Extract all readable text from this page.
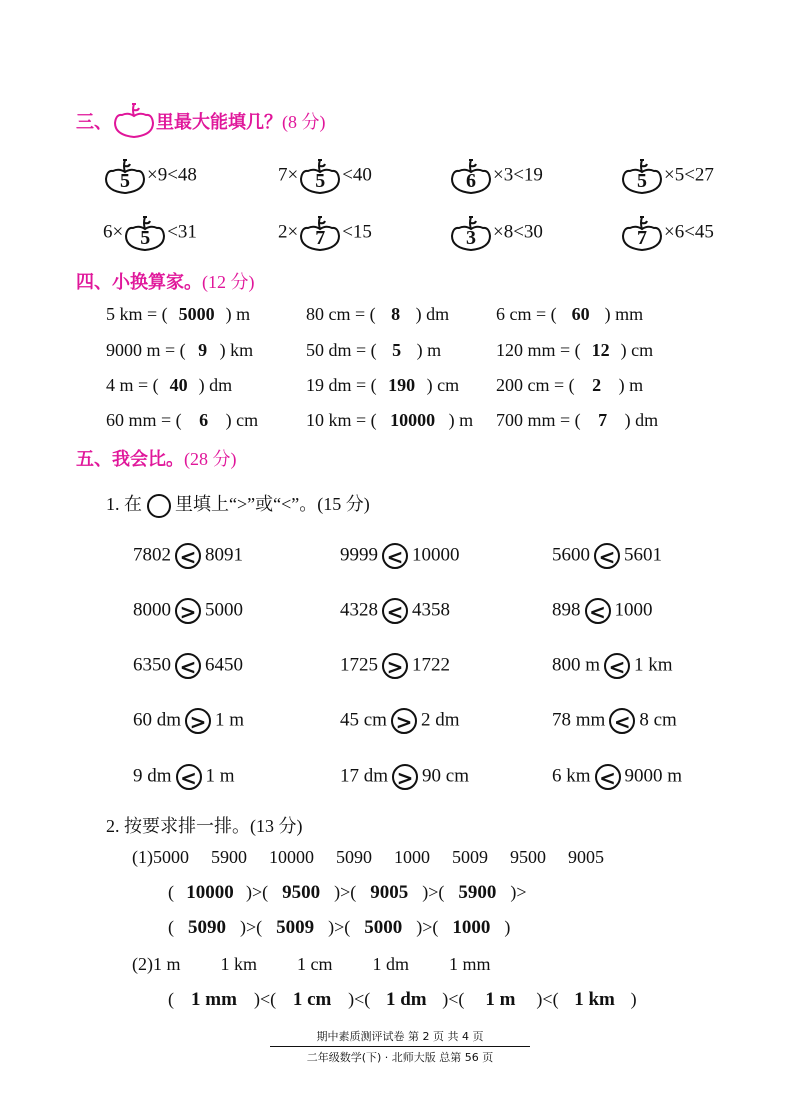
三、 里最大能填几？(8 分)
5 ×9<48	7× 5 <40	6 ×3<19	5 ×5<27
6× 5 <31	2× 7 <15	3 ×8<30	7 ×6<45
四、小换算家。(12 分)
5 km = ( 5000 ) m	80 cm = ( 8 ) dm	6 cm = ( 60 ) mm
9000 m = ( 9 ) km	50 dm = ( 5 ) m	120 mm = ( 12 ) cm
4 m = ( 40 ) dm	19 dm = ( 190 ) cm 200 cm = ( 2 ) m
60 mm = ( 6 ) cm	10 km = ( 10000 ) m 700 mm = ( 7 ) dm
五、我会比。(28 分)
1. 在 里填上“>”或“<”。(15 分)
7802 < 8091	9999 < 10000	5600 < 5601
8000 > 5000	4328 < 4358	898 < 1000
6350 < 6450	1725 > 1722	800 m < 1 km
60 dm > 1 m	45 cm > 2 dm	78 mm < 8 cm
9 dm < 1 m	17 dm > 90 cm	6 km < 9000 m
2. 按要求排一排。(13 分)
(1)5000 5900 10000 5090 1000 5009 9500 9005
( 10000 )>( 9500 )>( 9005 )>( 5900 )>
( 5090 )>( 5009 )>( 5000 )>( 1000 )
(2)1 m 1 km 1 cm 1 dm 1 mm
( 1 mm )<( 1 cm )<( 1 dm )<( 1 m )<( 1 km )
期中素质测评试卷 第 2 页 共 4 页
二年级数学(下) · 北师大版 总第 56 页
